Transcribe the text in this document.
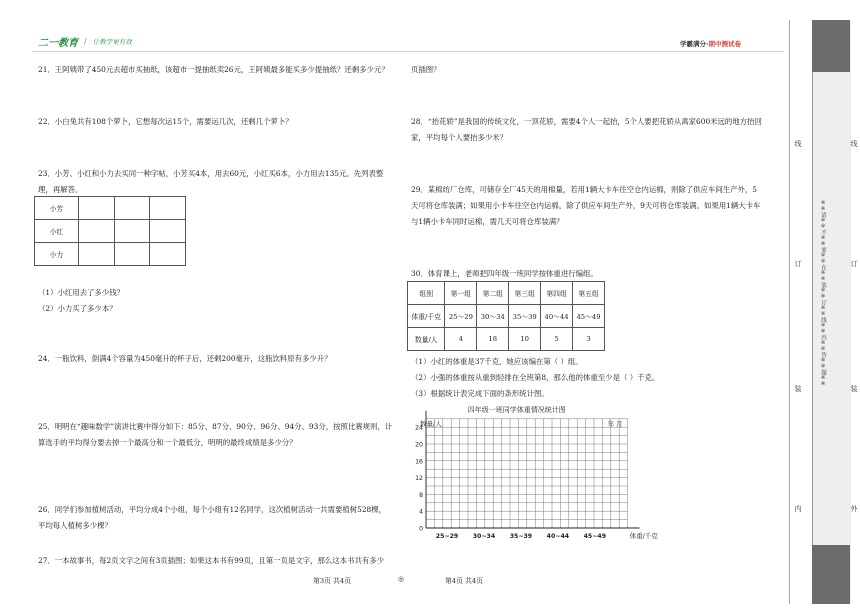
二一教育 / 让教学更有效	学霸满分·期中测试卷
21．王阿姨带了450元去超市买抽纸，该超市一提抽纸卖26元，王阿姨最多能买多少提抽纸？还剩多少元？
22．小白兔共有108个萝卜，它想每次运15个，需要运几次，还剩几个萝卜？
23．小芳、小红和小力去买同一种字帖，小芳买4本，用去60元，小红买6本，小力用去135元。先列表整
理，再解答。
小芳			
小红			
小力			
（1）小红用去了多少钱？
（2）小力买了多少本？
24．一瓶饮料，倒满4个容量为450毫升的杯子后，还剩200毫升，这瓶饮料原有多少升？
25．明明在“趣味数学”演讲比赛中得分如下：85分、87分、90分、96分、94分、93分，按照比赛规则，计
算选手的平均得分要去掉一个最高分和一个最低分，明明的最终成绩是多少分？
26．同学们参加植树活动，平均分成4个小组，每个小组有12名同学，这次植树活动一共需要植树528棵，
平均每人植树多少棵？
27．一本故事书，每2页文字之间有3页插图；如果这本书有99页，且第一页是文字，那么这本书共有多少
页插图？
28．“抬花轿”是我国的传统文化，一顶花轿，需要4个人一起抬，5个人要把花轿从离家600米远的地方抬回
家，平均每个人要抬多少米？
29．某棉纺厂仓库，可储存全厂45天的用棉量，若用1辆大卡车往空仓内运棉，则除了供应车间生产外，5
天可将仓库装满；如果用小卡车往空仓内运棉，除了供应车间生产外，9天可将仓库装满。如果用1辆大卡车
与1辆小卡车同时运棉，需几天可将仓库装满？
30．体育课上，老师把四年级一班同学按体重进行编组。
组别	第一组	第二组	第三组	第四组	第五组
体重/千克	25～29	30～34	35～39	40～44	45～49
数量/人	4	18	10	5	3
（1）小红的体重是37千克，她应该编在第（ ）组。
（2）小强的体重按从重到轻排在全班第8，那么他的体重至少是（ ）千克。
（3）根据统计表完成下面的条形统计图。
四年级一班同学体重情况统计图
年 月
数量/人
0
4
8
12
16
20
24
25~29 30~34 35~39 40~44 45~49	体重/千克
第3页 共4页	◎	第4页 共4页
※※请※※不※※要※※在※※装※※订※※线※※内※※答※※题※※
线
订
装
内	外
线
订
装
